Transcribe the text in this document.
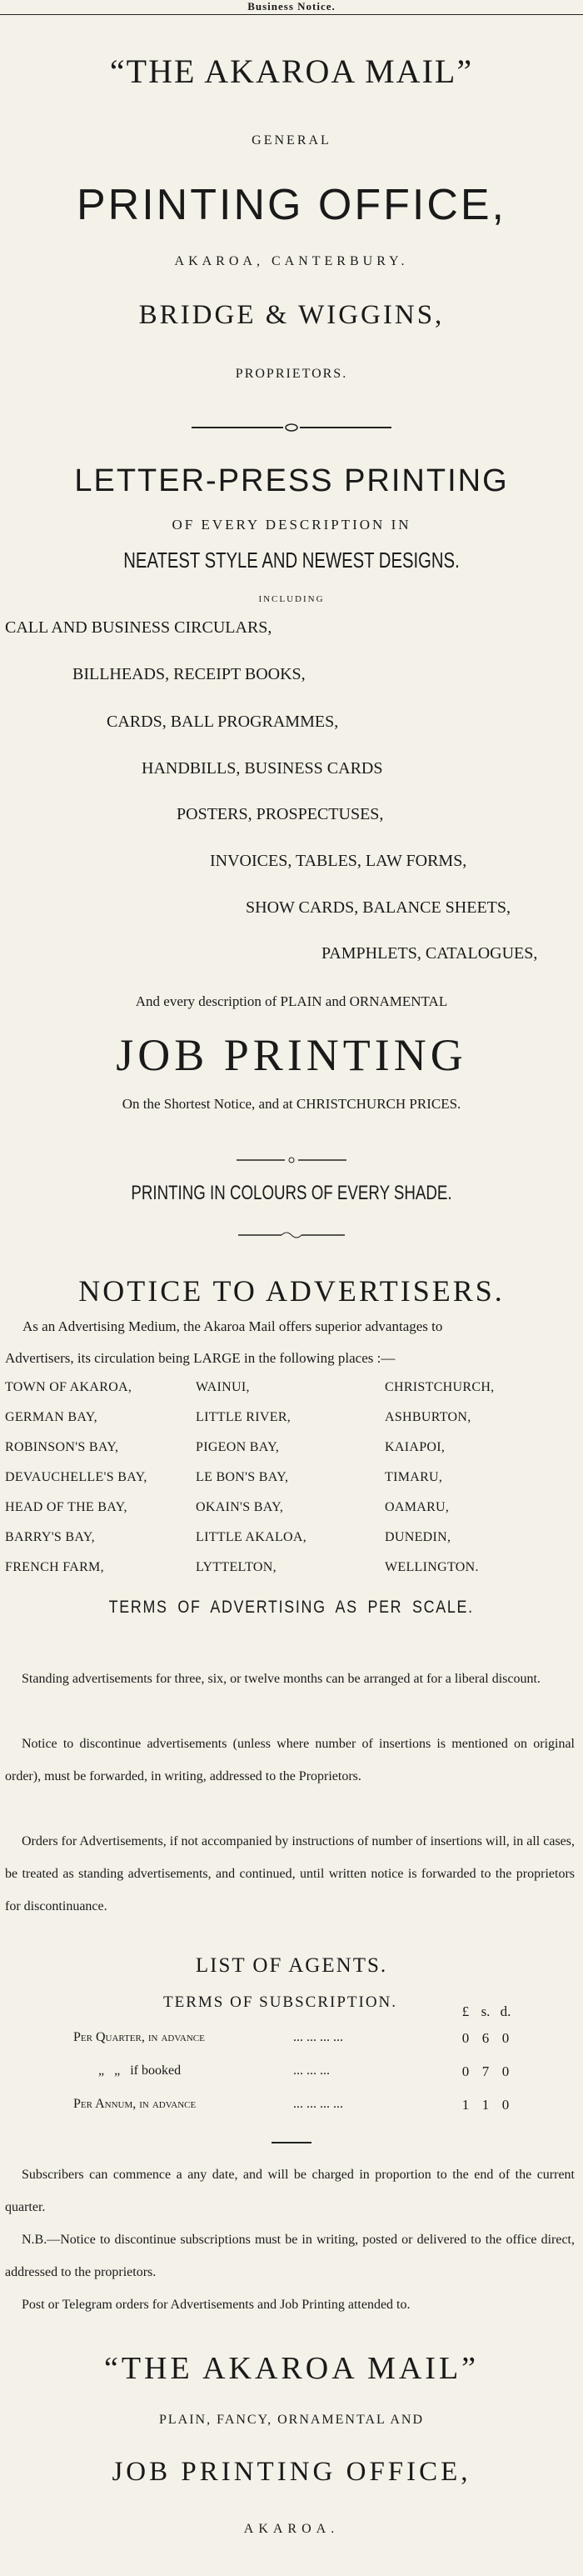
Business Notice.
“THE AKAROA MAIL”
GENERAL
PRINTING OFFICE,
AKAROA, CANTERBURY.
BRIDGE & WIGGINS,
PROPRIETORS.
LETTER-PRESS PRINTING
OF EVERY DESCRIPTION IN
NEATEST STYLE AND NEWEST DESIGNS.
INCLUDING
CALL AND BUSINESS CIRCULARS,
BILLHEADS, RECEIPT BOOKS,
CARDS, BALL PROGRAMMES,
HANDBILLS, BUSINESS CARDS
POSTERS, PROSPECTUSES,
INVOICES, TABLES, LAW FORMS,
SHOW CARDS, BALANCE SHEETS,
PAMPHLETS, CATALOGUES,
And every description of PLAIN and ORNAMENTAL
JOB PRINTING
On the Shortest Notice, and at CHRISTCHURCH PRICES.
PRINTING IN COLOURS OF EVERY SHADE.
NOTICE TO ADVERTISERS.
As an Advertising Medium, the Akaroa Mail offers superior advantages to
Advertisers, its circulation being LARGE in the following places :—
TOWN OF AKAROA,	WAINUI,	CHRISTCHURCH,
GERMAN BAY,	LITTLE RIVER,	ASHBURTON,
ROBINSON'S BAY,	PIGEON BAY,	KAIAPOI,
DEVAUCHELLE'S BAY,	LE BON'S BAY,	TIMARU,
HEAD OF THE BAY,	OKAIN'S BAY,	OAMARU,
BARRY'S BAY,	LITTLE AKALOA,	DUNEDIN,
FRENCH FARM,	LYTTELTON,	WELLINGTON.
TERMS OF ADVERTISING AS PER SCALE.
Standing advertisements for three, six, or twelve months can be arranged at for a liberal discount.
Notice to discontinue advertisements (unless where number of insertions is mentioned on original order), must be forwarded, in writing, addressed to the Proprietors.
Orders for Advertisements, if not accompanied by instructions of number of insertions will, in all cases, be treated as standing advertisements, and continued, until written notice is forwarded to the proprietors for discontinuance.
LIST OF AGENTS.
TERMS OF SUBSCRIPTION.
£ s. d.
Per Quarter, in advance	... ... ... ...	0 6 0
„   „   if booked	... ... ...	0 7 0
Per Annum, in advance	... ... ... ...	1 1 0
Subscribers can commence a any date, and will be charged in proportion to the end of the current quarter.
N.B.—Notice to discontinue subscriptions must be in writing, posted or delivered to the office direct, addressed to the proprietors.
Post or Telegram orders for Advertisements and Job Printing attended to.
“THE AKAROA MAIL”
PLAIN, FANCY, ORNAMENTAL AND
JOB PRINTING OFFICE,
AKAROA.
